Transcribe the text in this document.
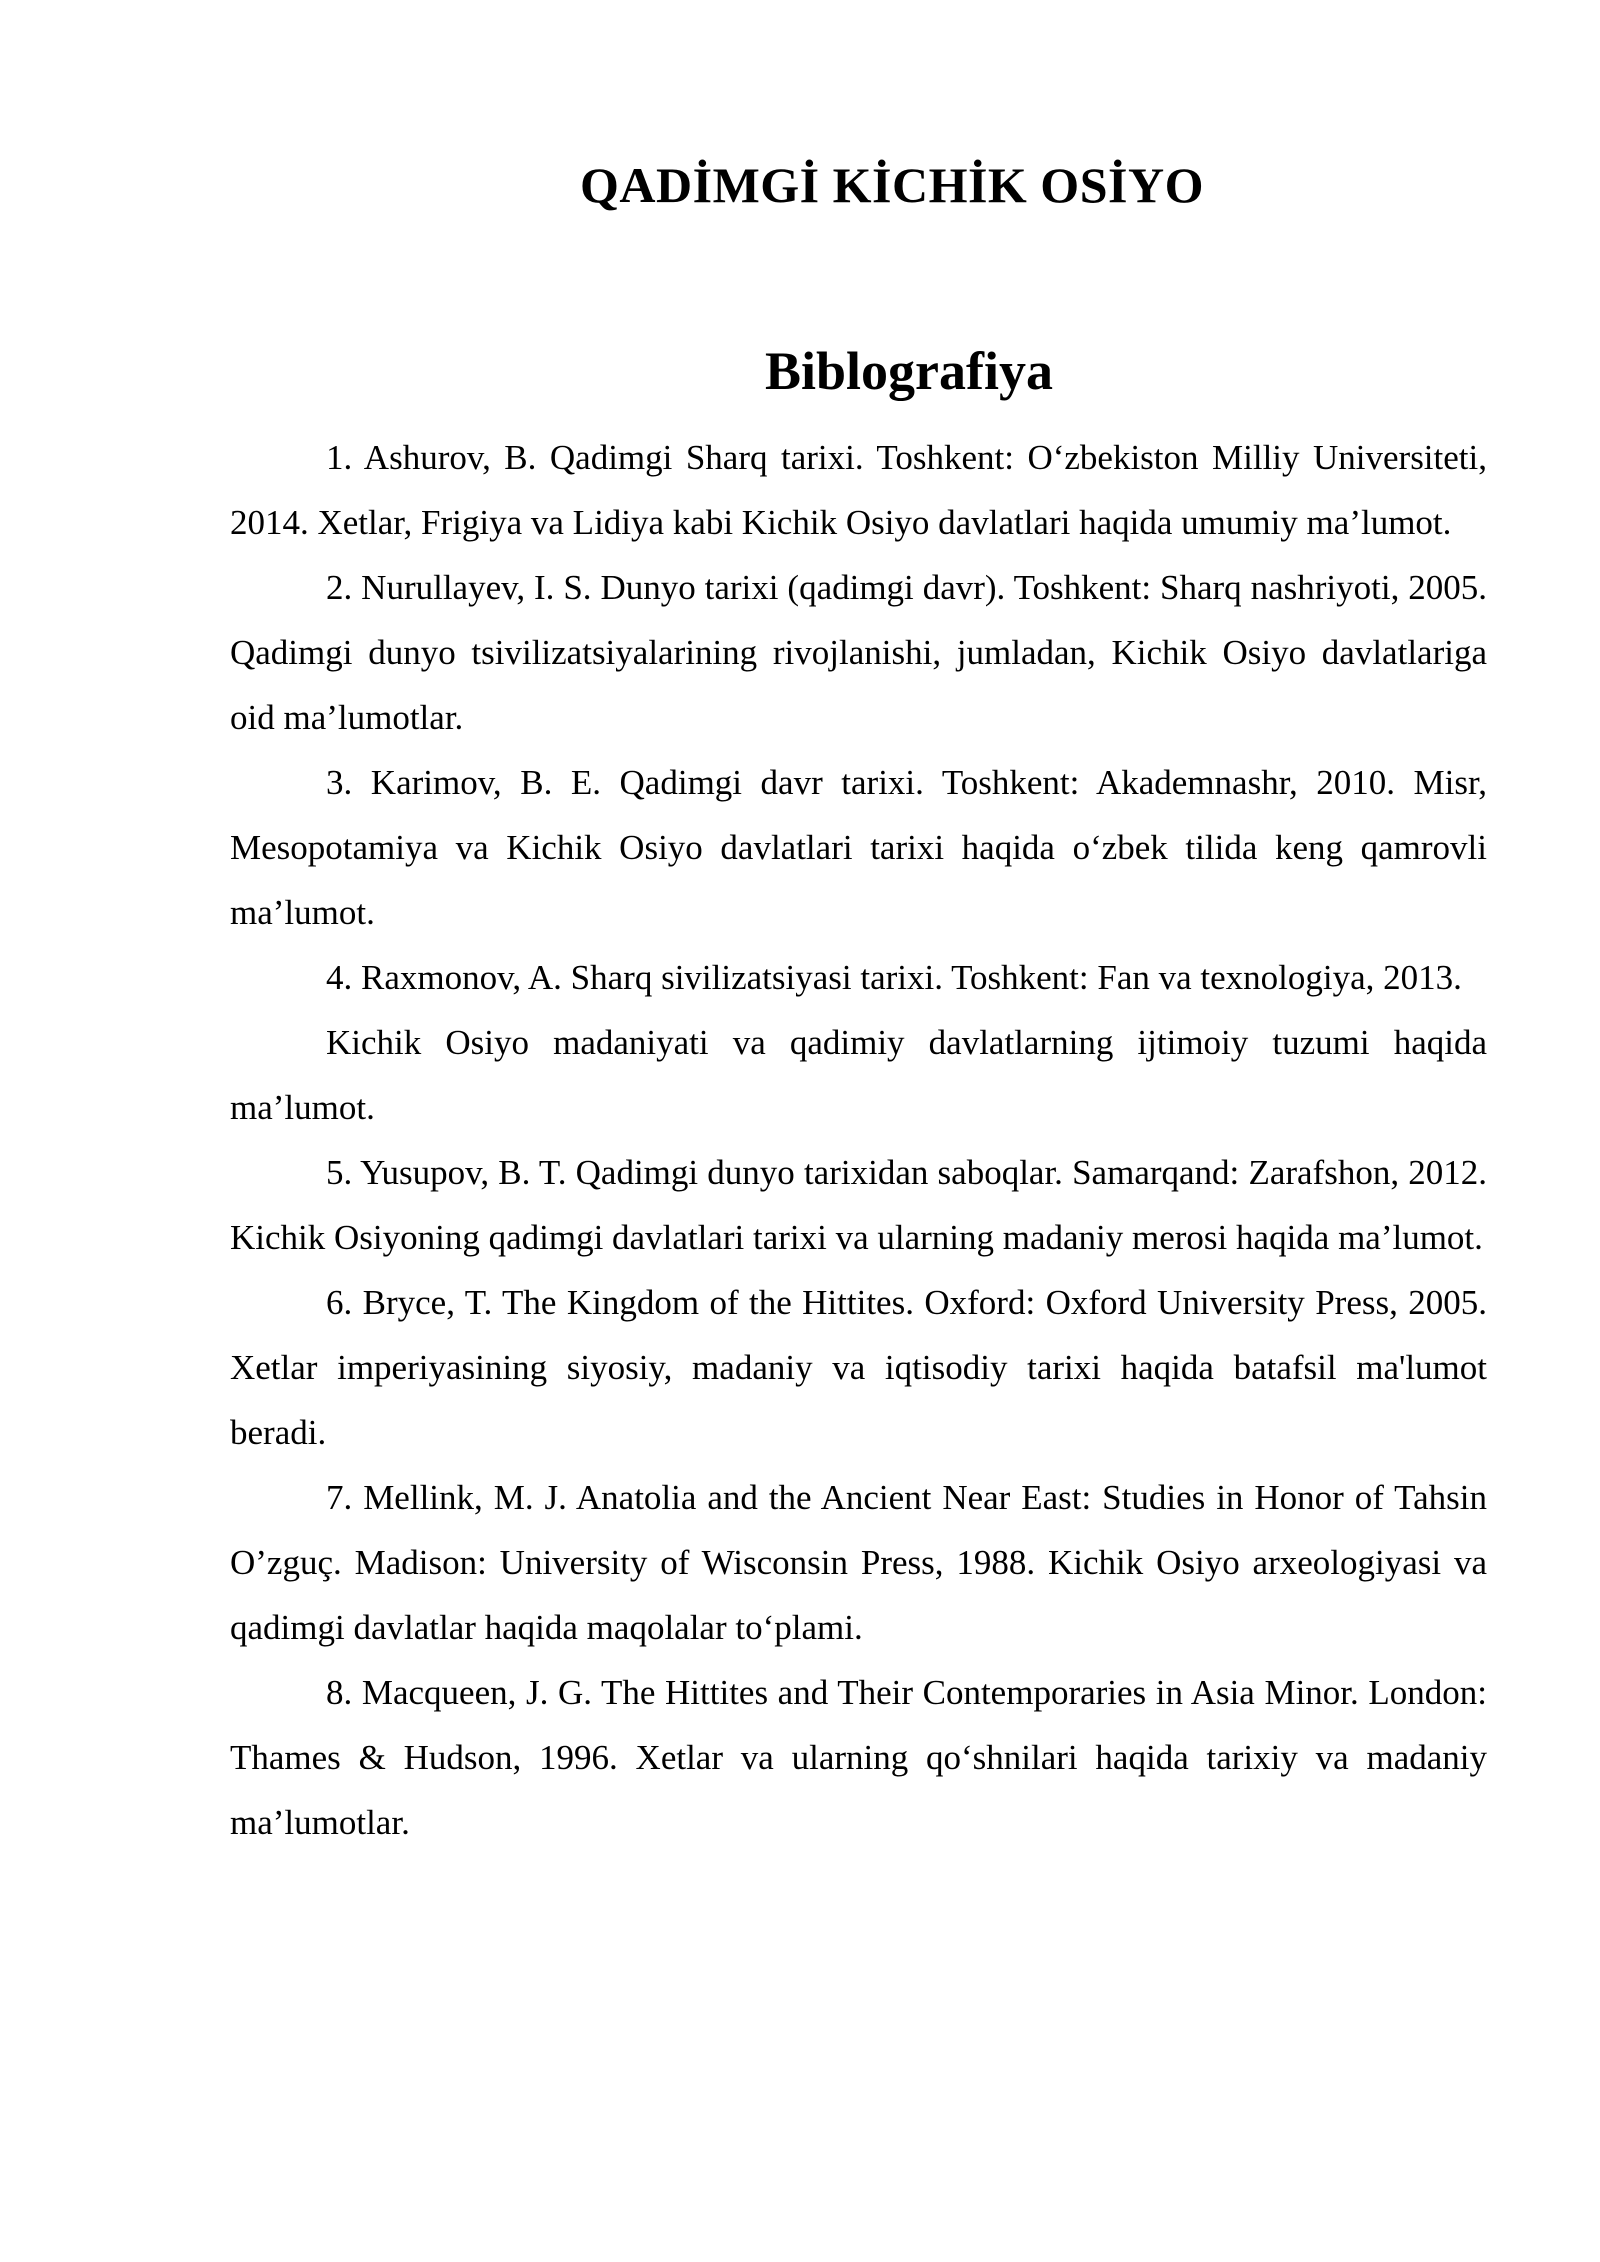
QADİMGİ KİCHİK OSİYO
Biblografiya

1. Ashurov, B. Qadimgi Sharq tarixi. Toshkent: O‘zbekiston Milliy Universiteti, 2014. Xetlar, Frigiya va Lidiya kabi Kichik Osiyo davlatlari haqida umumiy ma’lumot.

2. Nurullayev, I. S. Dunyo tarixi (qadimgi davr). Toshkent: Sharq nashriyoti, 2005. Qadimgi dunyo tsivilizatsiyalarining rivojlanishi, jumladan, Kichik Osiyo davlatlariga oid ma’lumotlar.

3. Karimov, B. E. Qadimgi davr tarixi. Toshkent: Akademnashr, 2010. Misr, Mesopotamiya va Kichik Osiyo davlatlari tarixi haqida o‘zbek tilida keng qamrovli ma’lumot.

4. Raxmonov, A. Sharq sivilizatsiyasi tarixi. Toshkent: Fan va texnologiya, 2013.

Kichik Osiyo madaniyati va qadimiy davlatlarning ijtimoiy tuzumi haqida ma’lumot.

5. Yusupov, B. T. Qadimgi dunyo tarixidan saboqlar. Samarqand: Zarafshon, 2012. Kichik Osiyoning qadimgi davlatlari tarixi va ularning madaniy merosi haqida ma’lumot.

6. Bryce, T. The Kingdom of the Hittites. Oxford: Oxford University Press, 2005. Xetlar imperiyasining siyosiy, madaniy va iqtisodiy tarixi haqida batafsil ma'lumot beradi.

7. Mellink, M. J. Anatolia and the Ancient Near East: Studies in Honor of Tahsin O’zguç. Madison: University of Wisconsin Press, 1988. Kichik Osiyo arxeologiyasi va qadimgi davlatlar haqida maqolalar to‘plami.

8. Macqueen, J. G. The Hittites and Their Contemporaries in Asia Minor. London: Thames & Hudson, 1996. Xetlar va ularning qo‘shnilari haqida tarixiy va madaniy ma’lumotlar.
